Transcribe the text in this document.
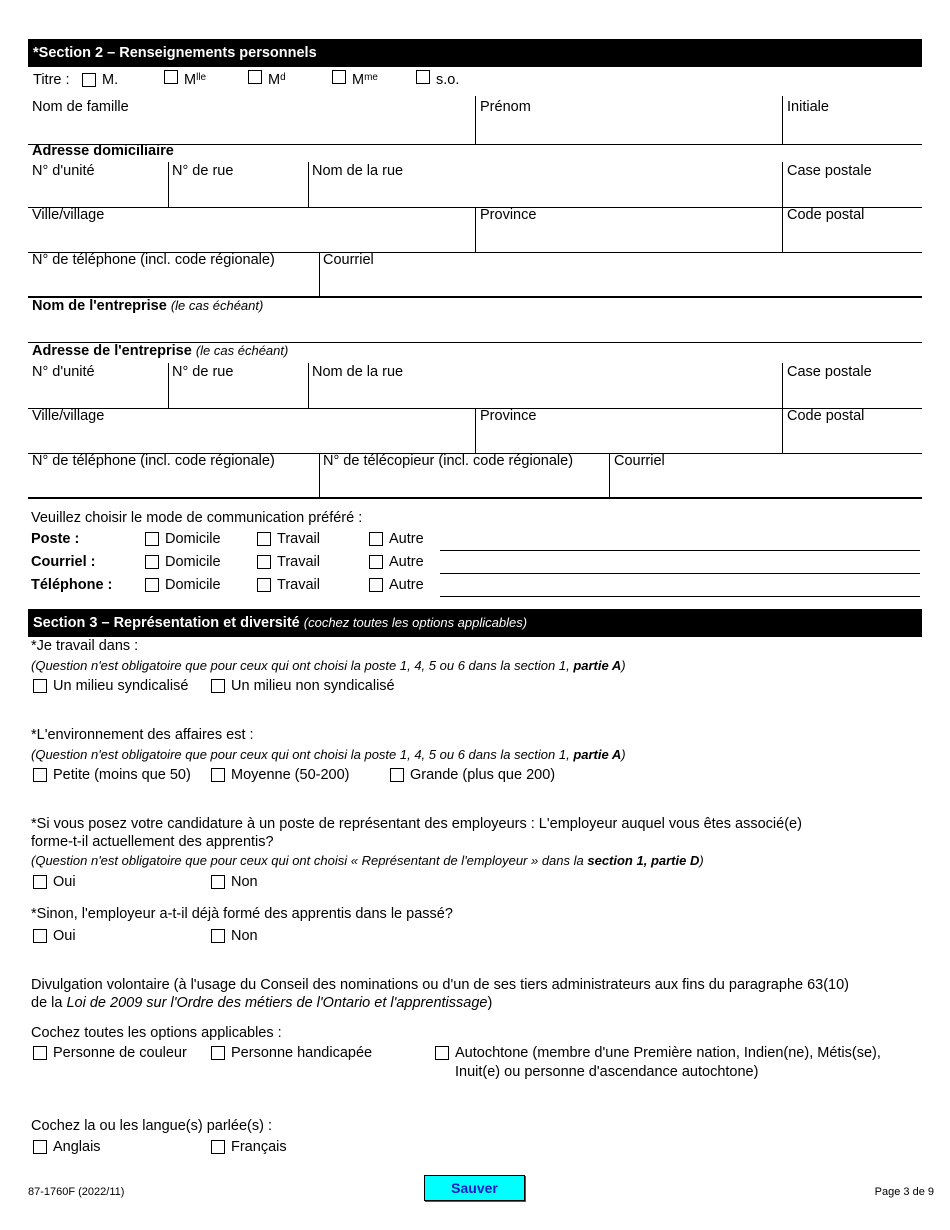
*Section 2 – Renseignements personnels
Titre : M.	$M^{lle}$	$M^d$	$M^{me}$	s.o.
Nom de famille	Prénom	Initiale
Adresse domiciliaire
N° d'unité	N° de rue	Nom de la rue	Case postale
Ville/village	Province	Code postal
N° de téléphone (incl. code régionale)	Courriel
Nom de l'entreprise (le cas échéant)
Adresse de l'entreprise (le cas échéant)
N° d'unité	N° de rue	Nom de la rue	Case postale
Ville/village	Province	Code postal
N° de téléphone (incl. code régionale)	N° de télécopieur (incl. code régionale)	Courriel
Veuillez choisir le mode de communication préféré :
Poste :	Domicile	Travail	Autre
Courriel :	Domicile	Travail	Autre
Téléphone :	Domicile	Travail	Autre
Section 3 – Représentation et diversité (cochez toutes les options applicables)
*Je travail dans :
(Question n'est obligatoire que pour ceux qui ont choisi la poste 1, 4, 5 ou 6 dans la section 1, partie A)
Un milieu syndicalisé	Un milieu non syndicalisé
*L'environnement des affaires est :
(Question n'est obligatoire que pour ceux qui ont choisi la poste 1, 4, 5 ou 6 dans la section 1, partie A)
Petite (moins que 50)	Moyenne (50-200)	Grande (plus que 200)
*Si vous posez votre candidature à un poste de représentant des employeurs : L'employeur auquel vous êtes associé(e)
forme-t-il actuellement des apprentis?
(Question n'est obligatoire que pour ceux qui ont choisi « Représentant de l'employeur » dans la section 1, partie D)
Oui	Non
*Sinon, l'employeur a-t-il déjà formé des apprentis dans le passé?
Oui	Non
Divulgation volontaire (à l'usage du Conseil des nominations ou d'un de ses tiers administrateurs aux fins du paragraphe 63(10)
de la Loi de 2009 sur l'Ordre des métiers de l'Ontario et l'apprentissage)
Cochez toutes les options applicables :
Personne de couleur	Personne handicapée	Autochtone (membre d'une Première nation, Indien(ne), Métis(se),
Inuit(e) ou personne d'ascendance autochtone)
Cochez la ou les langue(s) parlée(s) :
Anglais	Français
87-1760F (2022/11)	Sauver	Page 3 de 9
